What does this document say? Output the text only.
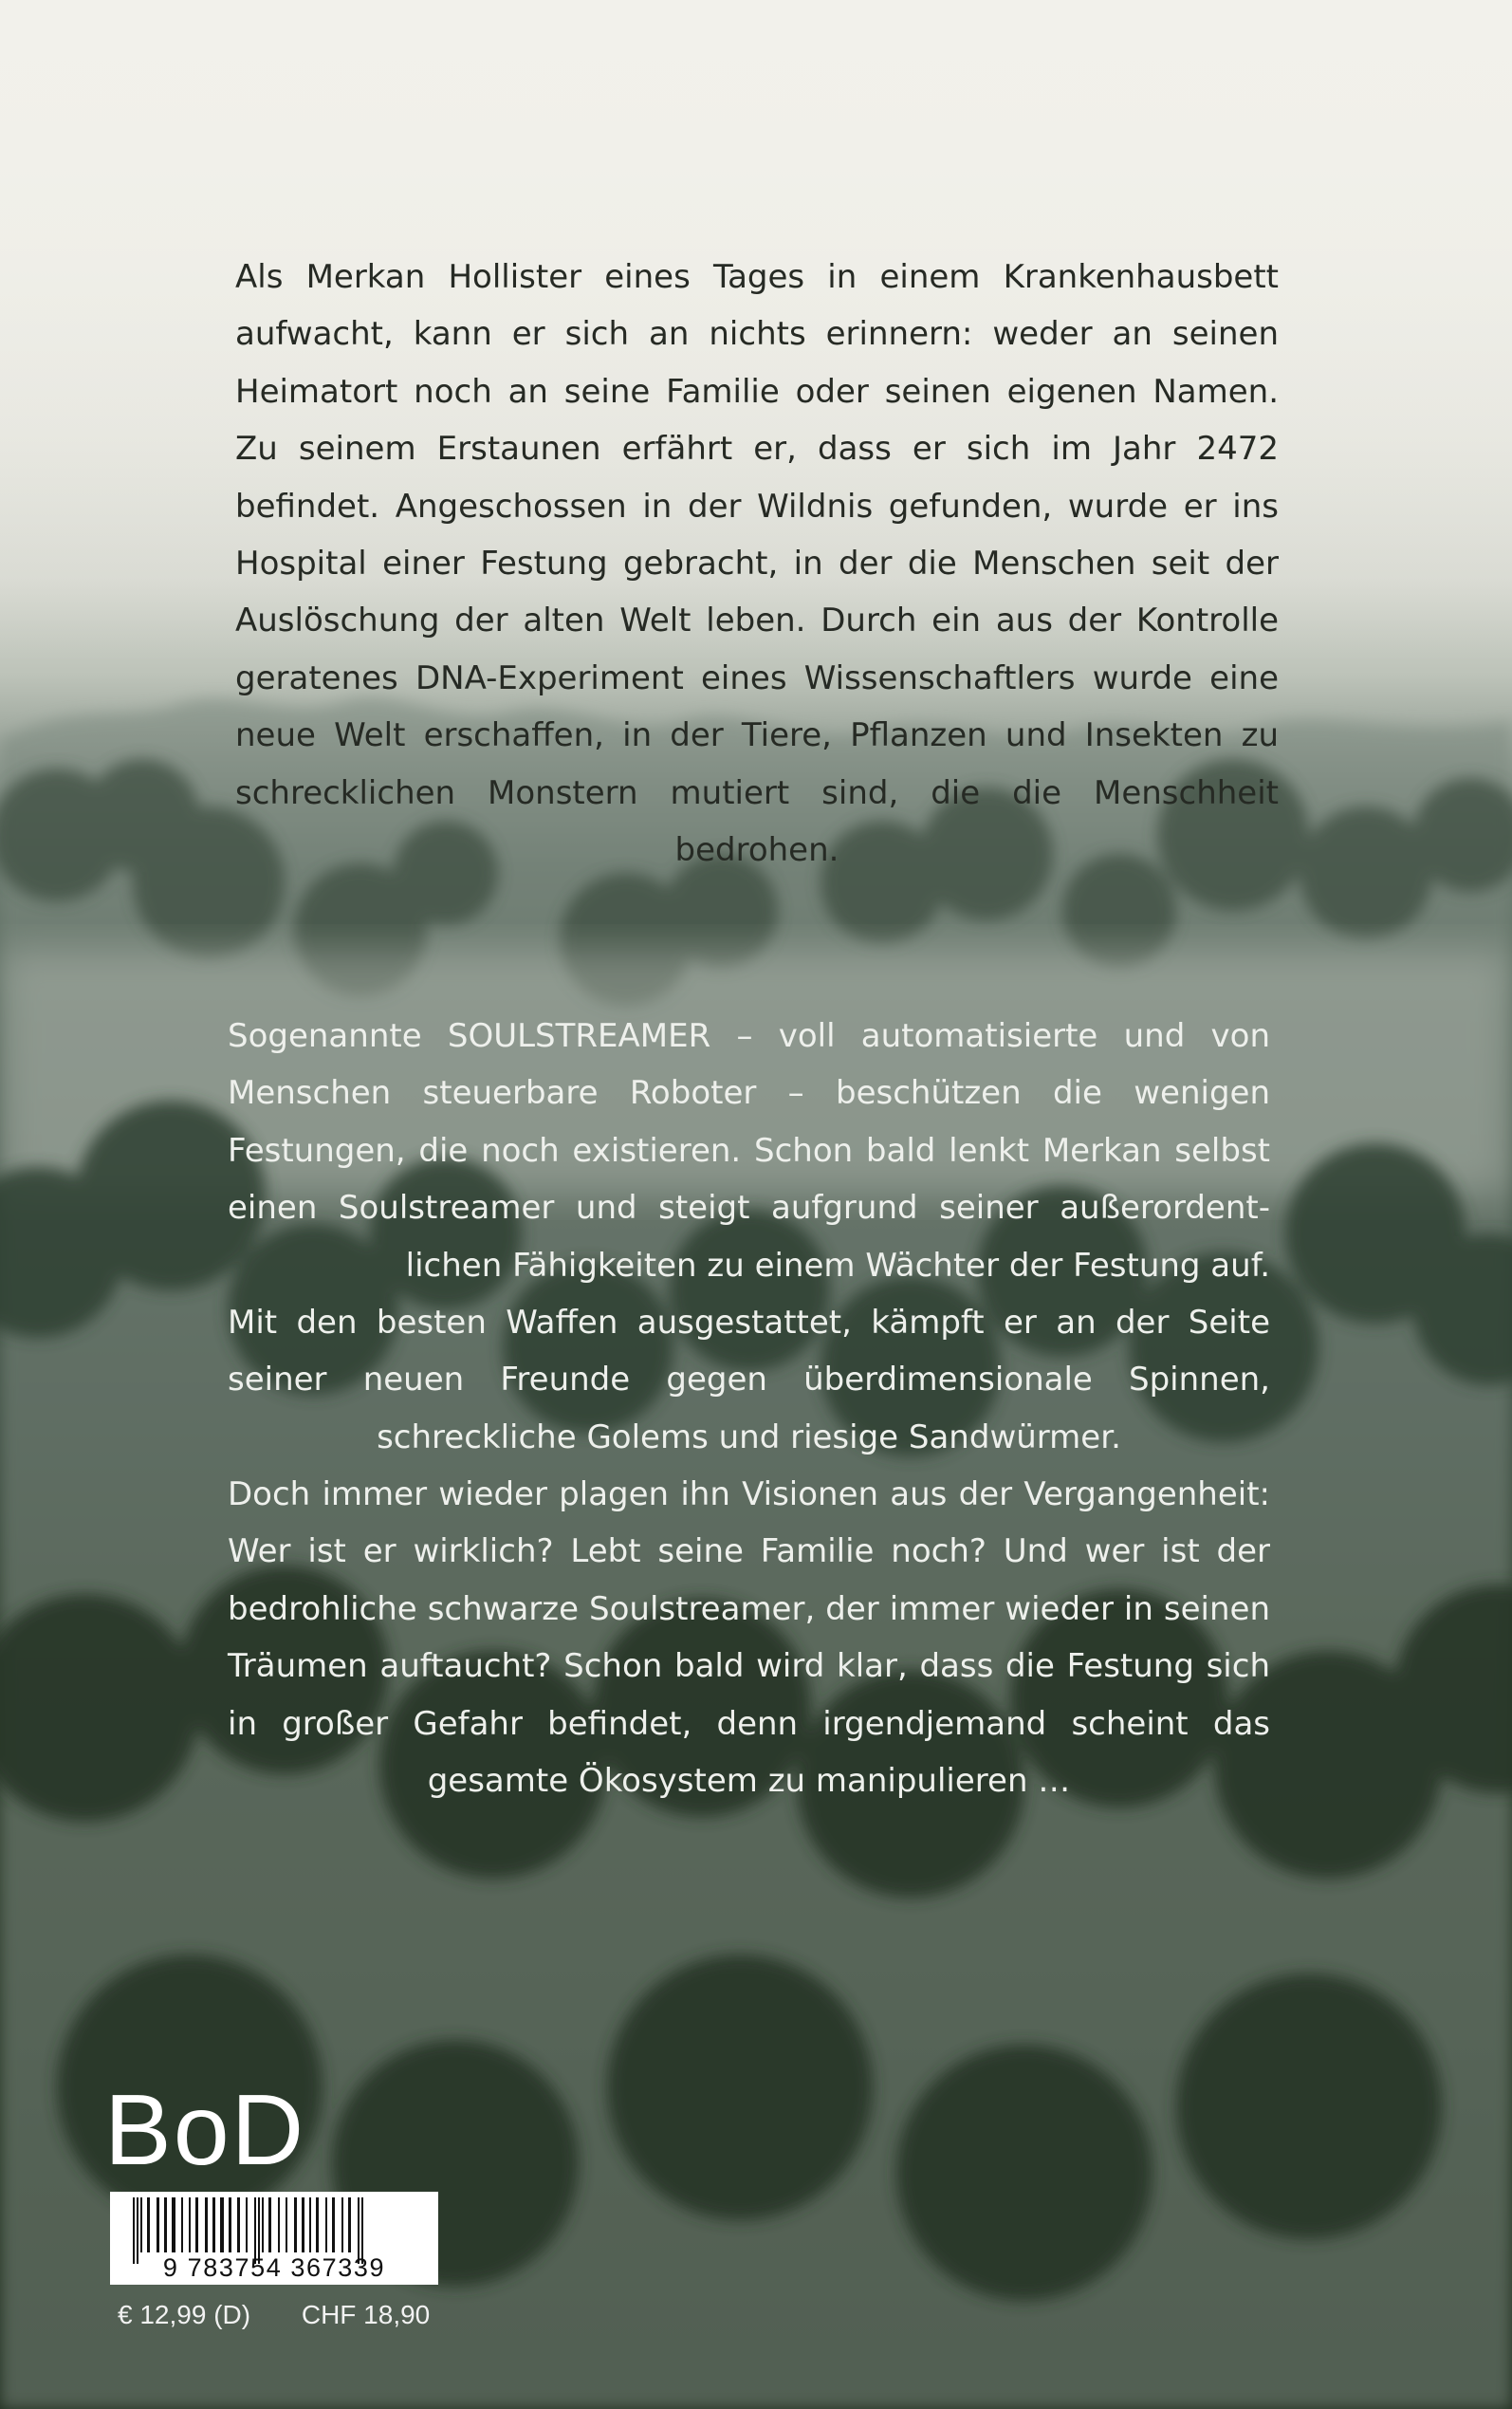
Als Merkan Hollister eines Tages in einem Krankenhausbett aufwacht, kann er sich an nichts erinnern: weder an seinen Heimatort noch an seine Familie oder seinen eigenen Namen. Zu seinem Erstaunen erfährt er, dass er sich im Jahr 2472 befindet. Angeschossen in der Wildnis gefunden, wurde er ins Hospital einer Festung gebracht, in der die Menschen seit der Auslöschung der alten Welt leben. Durch ein aus der Kontrolle geratenes DNA-Experiment eines Wissenschaftlers wurde eine neue Welt erschaffen, in der Tiere, Pflanzen und Insekten zu schrecklichen Monstern mutiert sind, die die Menschheit bedrohen.

Sogenannte SOULSTREAMER – voll automatisierte und von Menschen steuerbare Roboter – beschützen die wenigen Festungen, die noch existieren. Schon bald lenkt Merkan selbst einen Soulstreamer und steigt aufgrund seiner außerordentlichen Fähigkeiten zu einem Wächter der Festung auf.

Mit den besten Waffen ausgestattet, kämpft er an der Seite seiner neuen Freunde gegen überdimensionale Spinnen, schreckliche Golems und riesige Sandwürmer.

Doch immer wieder plagen ihn Visionen aus der Vergangenheit: Wer ist er wirklich? Lebt seine Familie noch? Und wer ist der bedrohliche schwarze Soulstreamer, der immer wieder in seinen Träumen auftaucht? Schon bald wird klar, dass die Festung sich in großer Gefahr befindet, denn irgendjemand scheint das gesamte Ökosystem zu manipulieren …

BoD
9 783754 367339
€ 12,99 (D) CHF 18,90
